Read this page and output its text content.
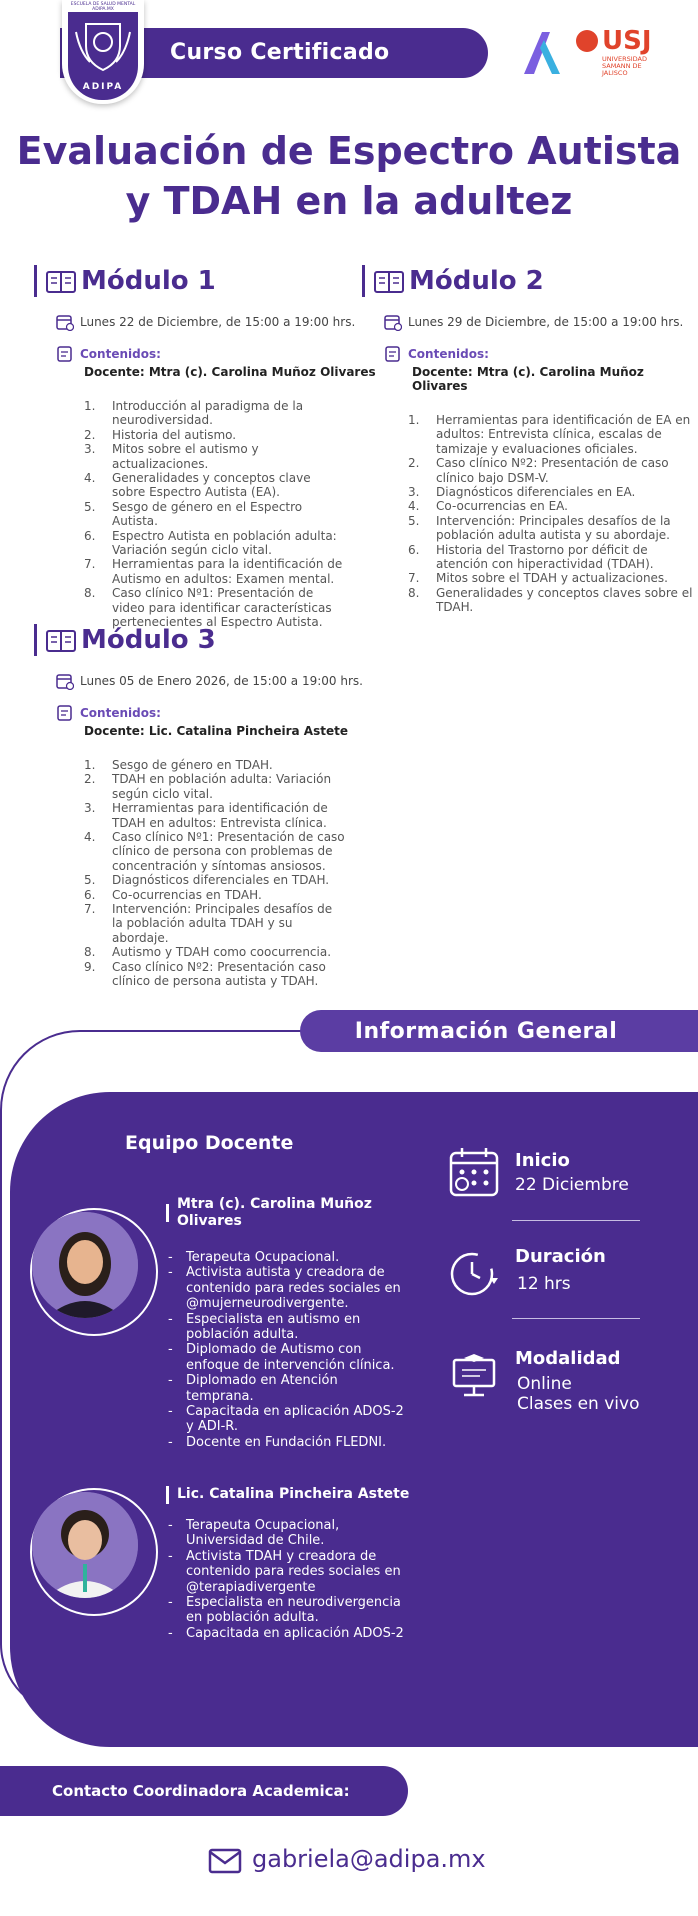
Curso Certificado
ESCUELA DE SALUD MENTAL ADIPA.MX
ADIPA
USJ
UNIVERSIDAD SAMANN DE JALISCO
Evaluación de Espectro Autista
y TDAH en la adultez
Módulo 1
Lunes 22 de Diciembre, de 15:00 a 19:00 hrs.
Contenidos:
Docente: Mtra (c). Carolina Muñoz Olivares
1.	Introducción al paradigma de la neurodiversidad.
2.	Historia del autismo.
3.	Mitos sobre el autismo y actualizaciones.
4.	Generalidades y conceptos clave sobre Espectro Autista (EA).
5.	Sesgo de género en el Espectro Autista.
6.	Espectro Autista en población adulta: Variación según ciclo vital.
7.	Herramientas para la identificación de Autismo en adultos: Examen mental.
8.	Caso clínico Nº1: Presentación de video para identificar características pertenecientes al Espectro Autista.
Módulo 2
Lunes 29 de Diciembre, de 15:00 a 19:00 hrs.
Contenidos:
Docente: Mtra (c). Carolina Muñoz Olivares
1.	Herramientas para identificación de EA en adultos: Entrevista clínica, escalas de tamizaje y evaluaciones oficiales.
2.	Caso clínico Nº2: Presentación de caso clínico bajo DSM-V.
3.	Diagnósticos diferenciales en EA.
4.	Co-ocurrencias en EA.
5.	Intervención: Principales desafíos de la población adulta autista y su abordaje.
6.	Historia del Trastorno por déficit de atención con hiperactividad (TDAH).
7.	Mitos sobre el TDAH y actualizaciones.
8.	Generalidades y conceptos claves sobre el TDAH.
Módulo 3
Lunes 05 de Enero 2026, de 15:00 a 19:00 hrs.
Contenidos:
Docente: Lic. Catalina Pincheira Astete
1.	Sesgo de género en TDAH.
2.	TDAH en población adulta: Variación según ciclo vital.
3.	Herramientas para identificación de TDAH en adultos: Entrevista clínica.
4.	Caso clínico Nº1: Presentación de caso clínico de persona con problemas de concentración y síntomas ansiosos.
5.	Diagnósticos diferenciales en TDAH.
6.	Co-ocurrencias en TDAH.
7.	Intervención: Principales desafíos de la población adulta TDAH y su abordaje.
8.	Autismo y TDAH como coocurrencia.
9.	Caso clínico Nº2: Presentación caso clínico de persona autista y TDAH.
Información General
Equipo Docente
Mtra (c). Carolina Muñoz Olivares
-	Terapeuta Ocupacional.
-	Activista autista y creadora de contenido para redes sociales en @mujerneurodivergente.
-	Especialista en autismo en población adulta.
-	Diplomado de Autismo con enfoque de intervención clínica.
-	Diplomado en Atención temprana.
-	Capacitada en aplicación ADOS-2 y ADI-R.
-	Docente en Fundación FLEDNI.
Lic. Catalina Pincheira Astete
-	Terapeuta Ocupacional, Universidad de Chile.
-	Activista TDAH y creadora de contenido para redes sociales en @terapiadivergente
-	Especialista en neurodivergencia en población adulta.
-	Capacitada en aplicación ADOS-2
Inicio
22 Diciembre
Duración
12 hrs
Modalidad
Online
Clases en vivo
Contacto Coordinadora Academica:
gabriela@adipa.mx
